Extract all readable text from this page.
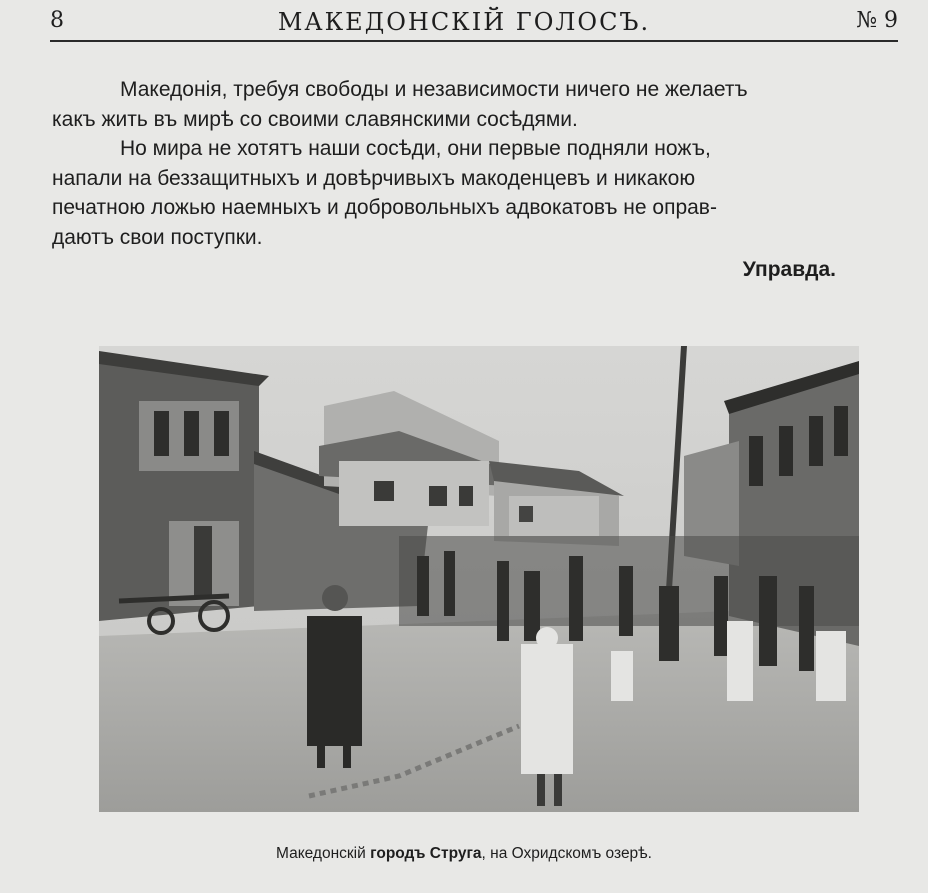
8	МАКЕДОНСКІЙ ГОЛОСЪ.	№ 9
Македонія, требуя свободы и независимости ничего не желаетъ
какъ жить въ мирѣ со своими славянскими сосѣдями.
Но мира не хотятъ наши сосѣди, они первые подняли ножъ,
напали на беззащитныхъ и довѣрчивыхъ макоденцевъ и никакою
печатною ложью наемныхъ и добровольныхъ адвокатовъ не оправ-
даютъ свои поступки.
Управда.
Македонскій городъ Струга, на Охридскомъ озерѣ.
